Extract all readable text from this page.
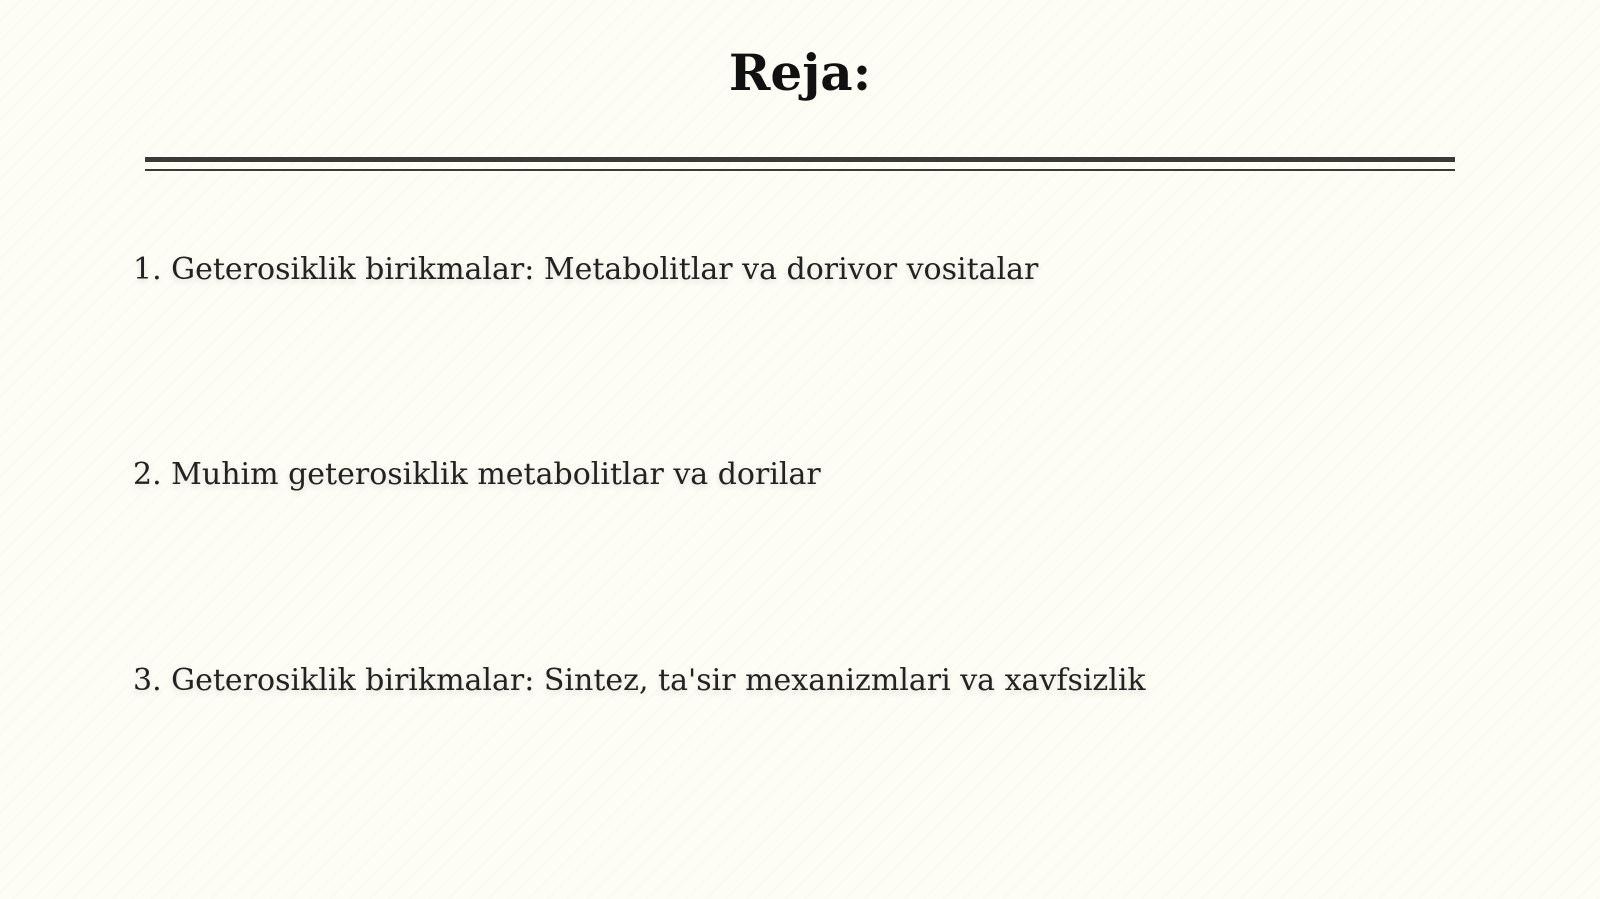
Reja:
1. Geterosiklik birikmalar: Metabolitlar va dorivor vositalar
2. Muhim geterosiklik metabolitlar va dorilar
3. Geterosiklik birikmalar: Sintez, ta'sir mexanizmlari va xavfsizlik
